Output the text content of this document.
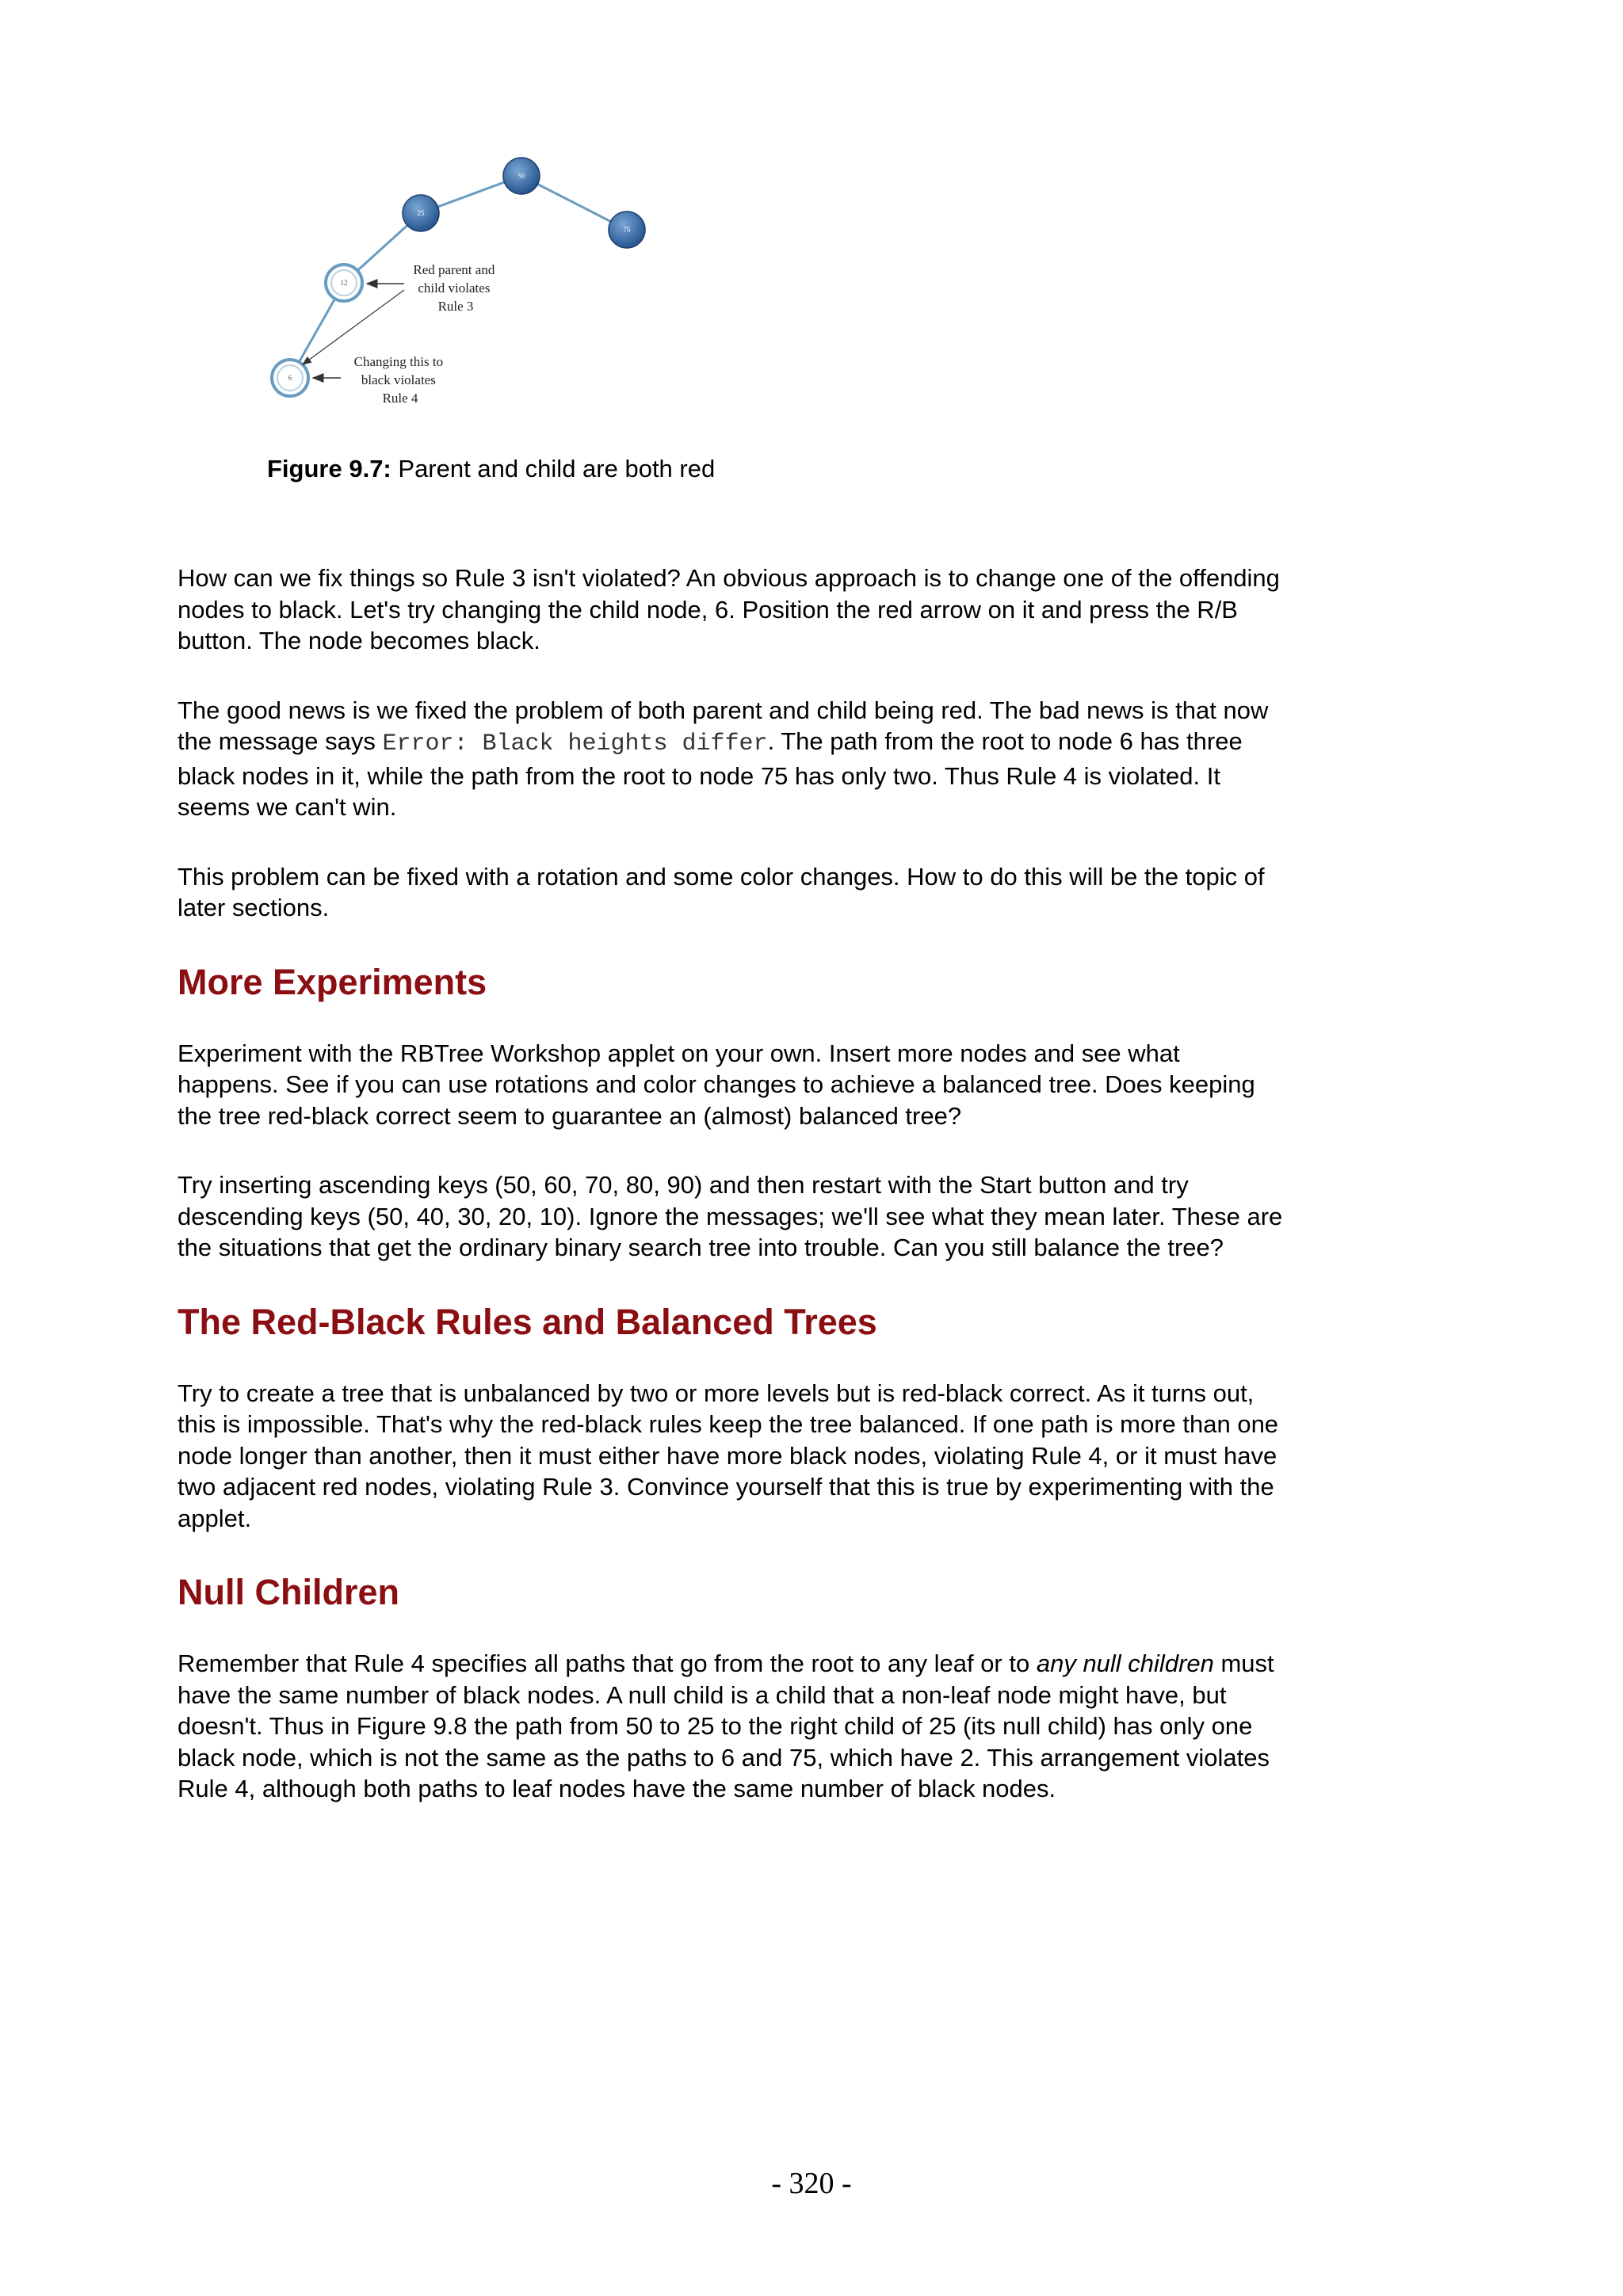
50
25
75
12
6
Red parent and child violates Rule 3
Changing this to black violates Rule 4

Figure 9.7: Parent and child are both red

How can we fix things so Rule 3 isn't violated? An obvious approach is to change one of the offending nodes to black. Let's try changing the child node, 6. Position the red arrow on it and press the R/B button. The node becomes black.

The good news is we fixed the problem of both parent and child being red. The bad news is that now the message says Error: Black heights differ. The path from the root to node 6 has three black nodes in it, while the path from the root to node 75 has only two. Thus Rule 4 is violated. It seems we can't win.

This problem can be fixed with a rotation and some color changes. How to do this will be the topic of later sections.

More Experiments

Experiment with the RBTree Workshop applet on your own. Insert more nodes and see what happens. See if you can use rotations and color changes to achieve a balanced tree. Does keeping the tree red-black correct seem to guarantee an (almost) balanced tree?

Try inserting ascending keys (50, 60, 70, 80, 90) and then restart with the Start button and try descending keys (50, 40, 30, 20, 10). Ignore the messages; we'll see what they mean later. These are the situations that get the ordinary binary search tree into trouble. Can you still balance the tree?

The Red-Black Rules and Balanced Trees

Try to create a tree that is unbalanced by two or more levels but is red-black correct. As it turns out, this is impossible. That's why the red-black rules keep the tree balanced. If one path is more than one node longer than another, then it must either have more black nodes, violating Rule 4, or it must have two adjacent red nodes, violating Rule 3. Convince yourself that this is true by experimenting with the applet.

Null Children

Remember that Rule 4 specifies all paths that go from the root to any leaf or to any null children must have the same number of black nodes. A null child is a child that a non-leaf node might have, but doesn't. Thus in Figure 9.8 the path from 50 to 25 to the right child of 25 (its null child) has only one black node, which is not the same as the paths to 6 and 75, which have 2. This arrangement violates Rule 4, although both paths to leaf nodes have the same number of black nodes.

- 320 -
